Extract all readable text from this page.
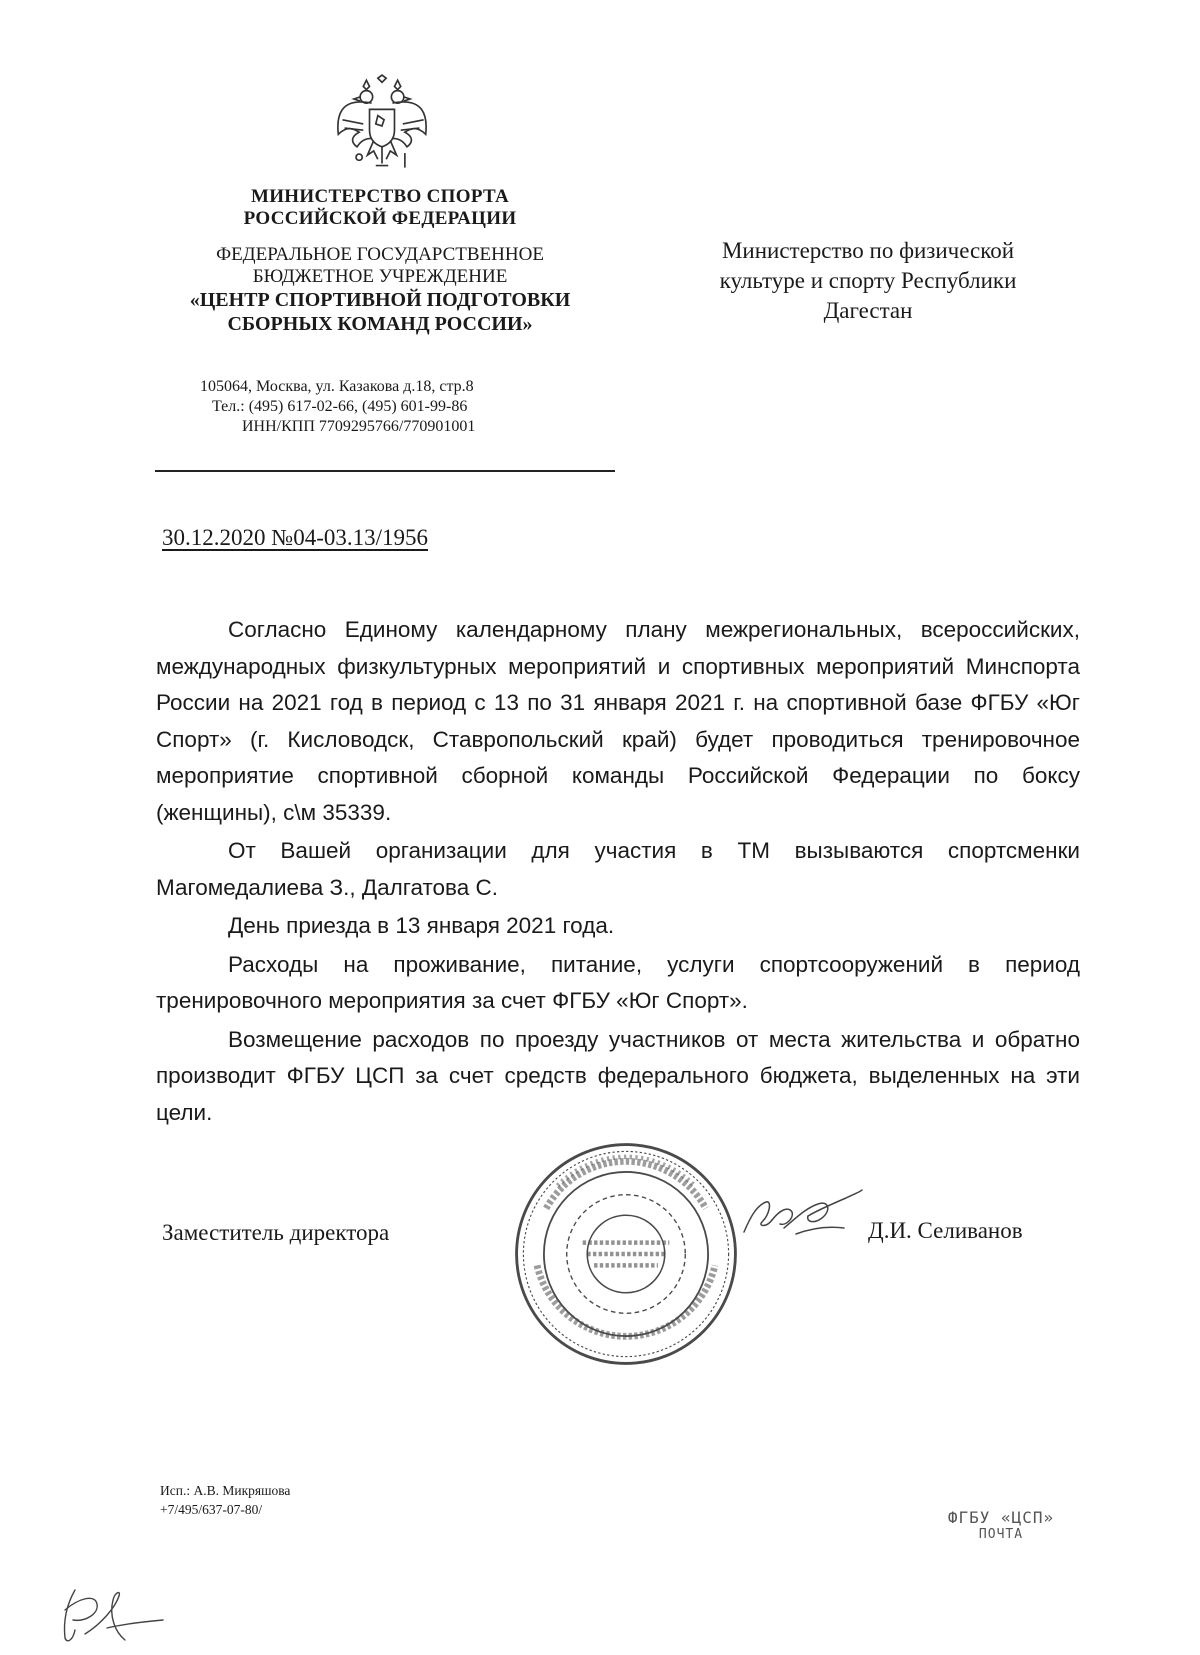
МИНИСТЕРСТВО СПОРТА
РОССИЙСКОЙ ФЕДЕРАЦИИ
ФЕДЕРАЛЬНОЕ ГОСУДАРСТВЕННОЕ
БЮДЖЕТНОЕ УЧРЕЖДЕНИЕ
«ЦЕНТР СПОРТИВНОЙ ПОДГОТОВКИ
СБОРНЫХ КОМАНД РОССИИ»
105064, Москва, ул. Казакова д.18, стр.8
Тел.: (495) 617-02-66, (495) 601-99-86
ИНН/КПП 7709295766/770901001
Министерство по физической
культуре и спорту Республики
Дагестан
30.12.2020 №04-03.13/1956

Согласно Единому календарному плану межрегиональных, всероссийских, международных физкультурных мероприятий и спортивных мероприятий Минспорта России на 2021 год в период с 13 по 31 января 2021 г. на спортивной базе ФГБУ «Юг Спорт» (г. Кисловодск, Ставропольский край) будет проводиться тренировочное мероприятие спортивной сборной команды Российской Федерации по боксу (женщины), с\м 35339.

От Вашей организации для участия в ТМ вызываются спортсменки Магомедалиева З., Далгатова С.

День приезда в 13 января 2021 года.

Расходы на проживание, питание, услуги спортсооружений в период тренировочного мероприятия за счет ФГБУ «Юг Спорт».

Возмещение расходов по проезду участников от места жительства и обратно производит ФГБУ ЦСП за счет средств федерального бюджета, выделенных на эти цели.

Заместитель директора	Д.И. Селиванов
Исп.: А.В. Микряшова
+7/495/637-07-80/	ФГБУ «ЦСП»
ПОЧТА
